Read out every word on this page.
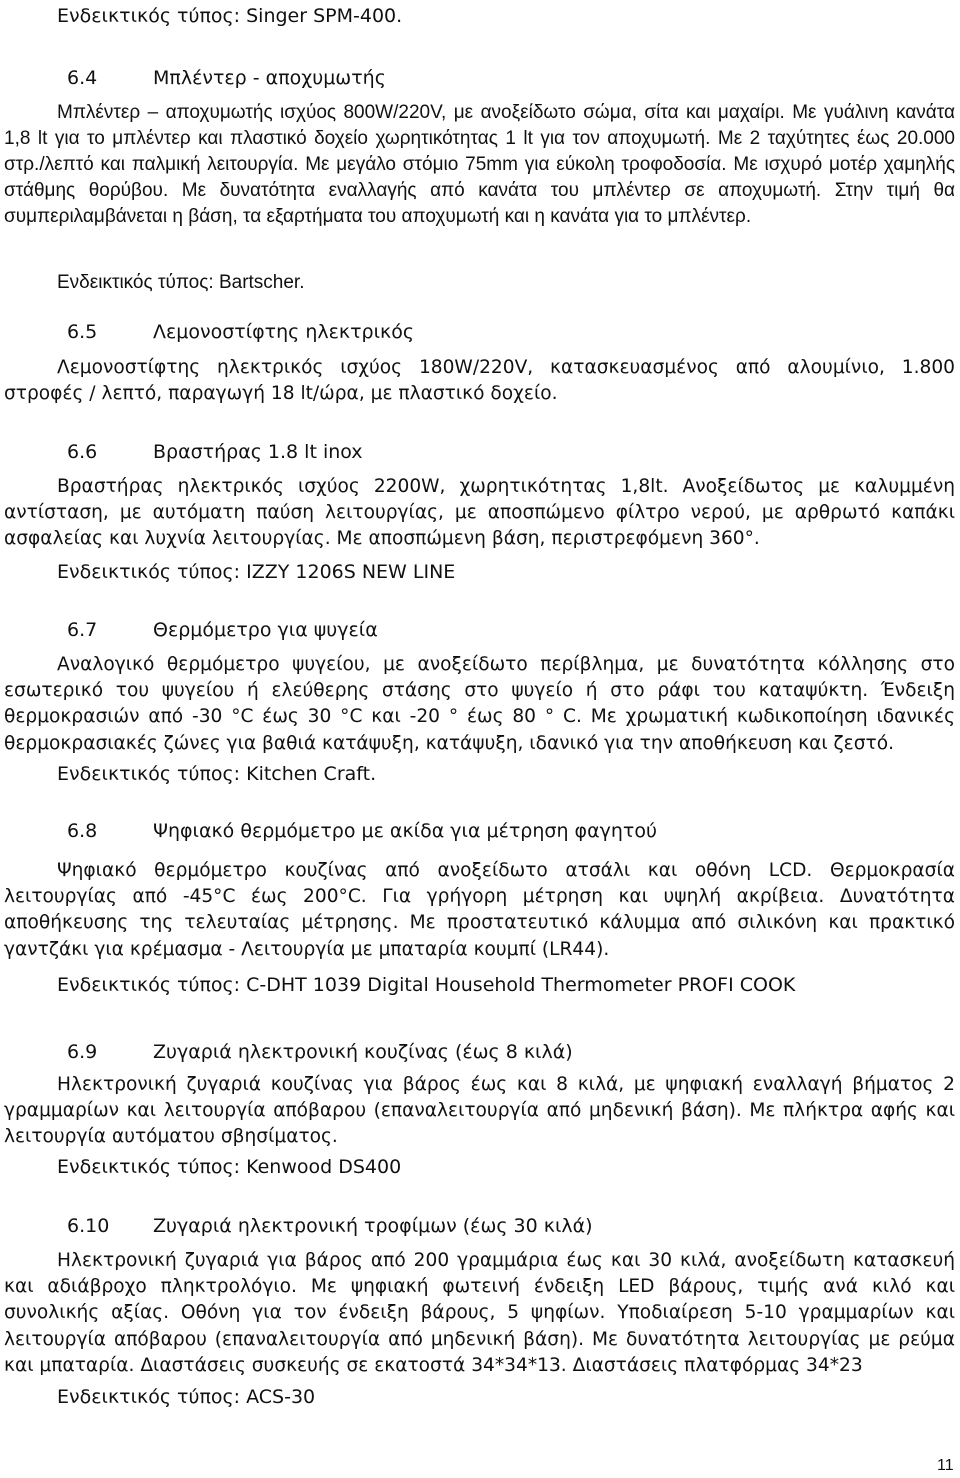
Ενδεικτικός τύπος: Singer SPM-400.
6.4	Μπλέντερ - αποχυμωτής

Μπλέντερ – αποχυμωτής ισχύος 800W/220V, με ανοξείδωτο σώμα, σίτα και μαχαίρι. Με γυάλινη κανάτα 1,8 lt για το μπλέντερ και πλαστικό δοχείο χωρητικότητας 1 lt για τον αποχυμωτή. Με 2 ταχύτητες έως 20.000 στρ./λεπτό και παλμική λειτουργία. Με μεγάλο στόμιο 75mm για εύκολη τροφοδοσία. Με ισχυρό μοτέρ χαμηλής στάθμης θορύβου. Με δυνατότητα εναλλαγής από κανάτα του μπλέντερ σε αποχυμωτή. Στην τιμή θα συμπεριλαμβάνεται η βάση, τα εξαρτήματα του αποχυμωτή και η κανάτα για το μπλέντερ.

Ενδεικτικός τύπος: Bartscher.
6.5	Λεμονοστίφτης ηλεκτρικός

Λεμονοστίφτης ηλεκτρικός ισχύος 180W/220V, κατασκευασμένος από αλουμίνιο, 1.800 στροφές / λεπτό, παραγωγή 18 lt/ώρα, με πλαστικό δοχείο.

6.6	Βραστήρας 1.8 lt inox

Βραστήρας ηλεκτρικός ισχύος 2200W, χωρητικότητας 1,8lt. Ανοξείδωτος με καλυμμένη αντίσταση, με αυτόματη παύση λειτουργίας, με αποσπώμενο φίλτρο νερού, με αρθρωτό καπάκι ασφαλείας και λυχνία λειτουργίας. Με αποσπώμενη βάση, περιστρεφόμενη 360°.

Ενδεικτικός τύπος: IZZY 1206S NEW LINE
6.7	Θερμόμετρο για ψυγεία

Αναλογικό θερμόμετρο ψυγείου, με ανοξείδωτο περίβλημα, με δυνατότητα κόλλησης στο εσωτερικό του ψυγείου ή ελεύθερης στάσης στο ψυγείο ή στο ράφι του καταψύκτη. Ένδειξη θερμοκρασιών από -30 °C έως 30 °C και -20 ° έως 80 ° C. Με χρωματική κωδικοποίηση ιδανικές θερμοκρασιακές ζώνες για βαθιά κατάψυξη, κατάψυξη, ιδανικό για την αποθήκευση και ζεστό.

Ενδεικτικός τύπος: Kitchen Craft.
6.8	Ψηφιακό θερμόμετρο με ακίδα για μέτρηση φαγητού

Ψηφιακό θερμόμετρο κουζίνας από ανοξείδωτο ατσάλι και οθόνη LCD. Θερμοκρασία λειτουργίας από -45°C έως 200°C. Για γρήγορη μέτρηση και υψηλή ακρίβεια. Δυνατότητα αποθήκευσης της τελευταίας μέτρησης. Με προστατευτικό κάλυμμα από σιλικόνη και πρακτικό γαντζάκι για κρέμασμα - Λειτουργία με μπαταρία κουμπί (LR44).

Ενδεικτικός τύπος: C-DHT 1039 Digital Household Thermometer PROFI COOK
6.9	Ζυγαριά ηλεκτρονική κουζίνας (έως 8 κιλά)

Ηλεκτρονική ζυγαριά κουζίνας για βάρος έως και 8 κιλά, με ψηφιακή εναλλαγή βήματος 2 γραμμαρίων και λειτουργία απόβαρου (επαναλειτουργία από μηδενική βάση). Με πλήκτρα αφής και λειτουργία αυτόματου σβησίματος.

Ενδεικτικός τύπος: Kenwood DS400
6.10 Ζυγαριά ηλεκτρονική τροφίμων (έως 30 κιλά)

Ηλεκτρονική ζυγαριά για βάρος από 200 γραμμάρια έως και 30 κιλά, ανοξείδωτη κατασκευή και αδιάβροχο πληκτρολόγιο. Με ψηφιακή φωτεινή ένδειξη LED βάρους, τιμής ανά κιλό και συνολικής αξίας. Οθόνη για τον ένδειξη βάρους, 5 ψηφίων. Υποδιαίρεση 5-10 γραμμαρίων και λειτουργία απόβαρου (επαναλειτουργία από μηδενική βάση). Με δυνατότητα λειτουργίας με ρεύμα και μπαταρία. Διαστάσεις συσκευής σε εκατοστά 34*34*13. Διαστάσεις πλατφόρμας 34*23

Ενδεικτικός τύπος: ACS-30
11
